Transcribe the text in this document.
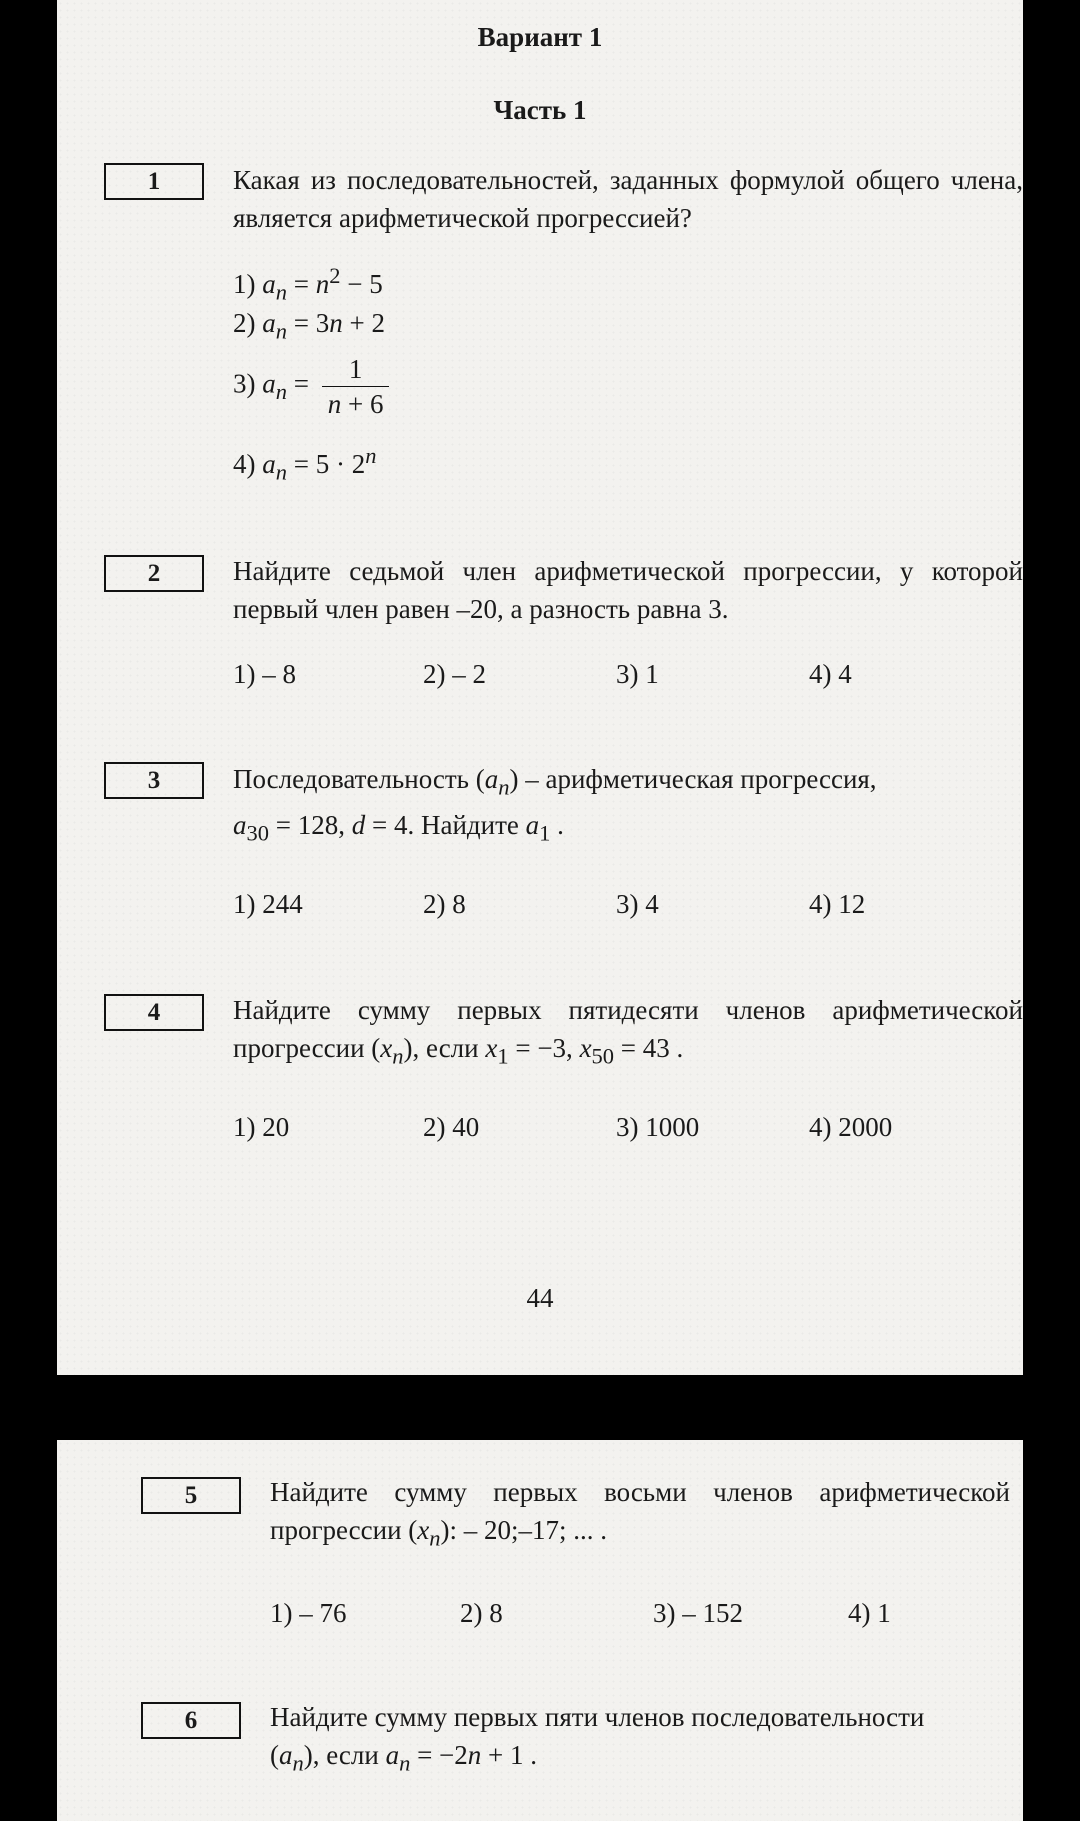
Вариант 1
Часть 1
1	Какая из последовательностей, заданных формулой общего члена, является арифметической прогрессией?
1) $a_n = n^2 - 5$
2) $a_n = 3n + 2$
3) $a_n = \frac{1}{n + 6}$
4) $a_n = 5 \cdot 2^n$
2	Найдите седьмой член арифметической прогрессии, у которой первый член равен –20, а разность равна 3.
1) – 8	2) – 2	3) 1	4) 4
3	Последовательность $(a_n)$ – арифметическая прогрессия,
$a_{30} = 128$, d = 4. Найдите $a_1$ .
1) 244	2) 8	3) 4	4) 12
4	Найдите сумму первых пятидесяти членов арифметической прогрессии $(x_n)$, если $x_1 = -3$, $x_{50} = 43$ .
1) 20	2) 40	3) 1000	4) 2000
44
5	Найдите сумму первых восьми членов арифметической прогрессии $(x_n)$: – 20;–17; ... .
1) – 76	2) 8	3) – 152	4) 1
6	Найдите сумму первых пяти членов последовательности
$(a_n)$, если $a_n = -2n + 1$ .
